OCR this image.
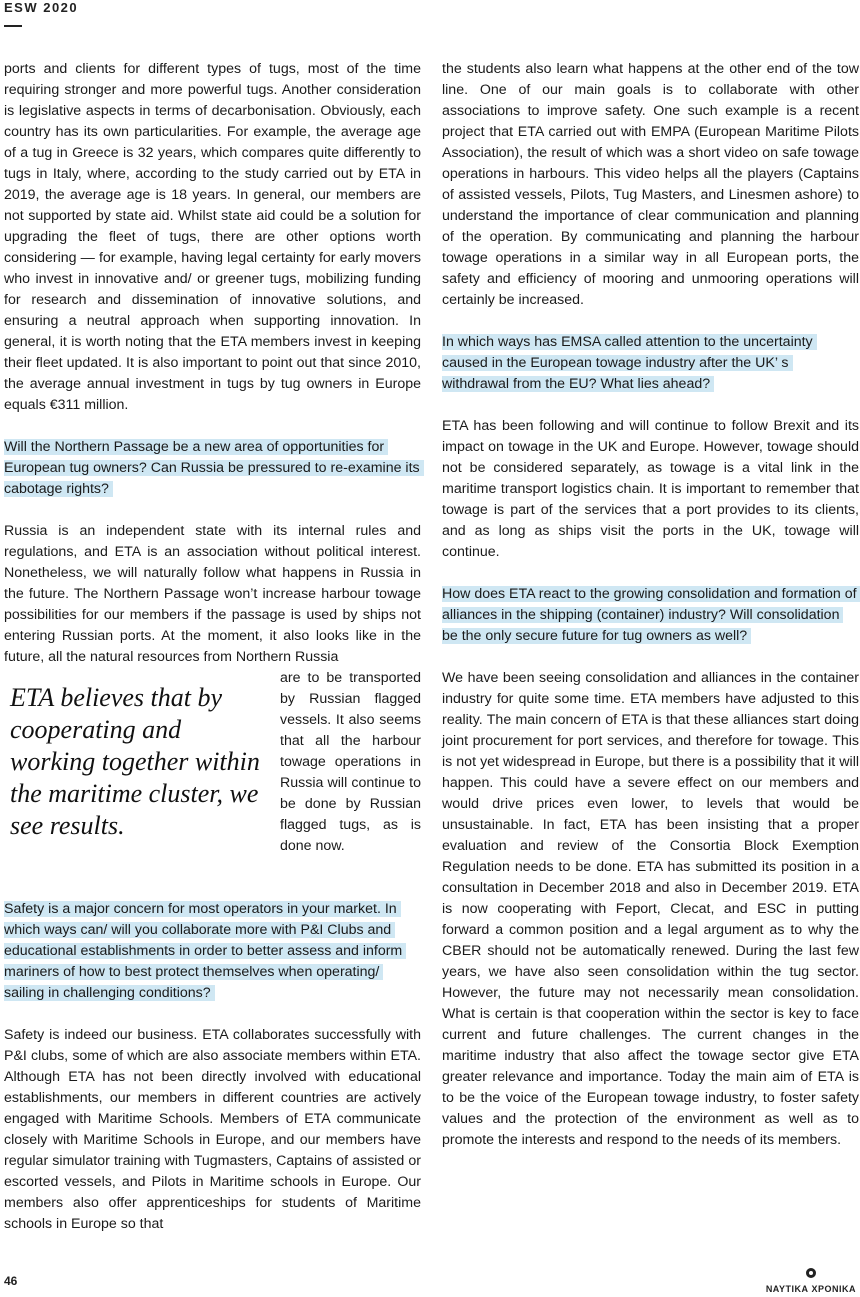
ESW 2020

ports and clients for different types of tugs, most of the time requiring stronger and more powerful tugs. Another consideration is legislative aspects in terms of decarbonisation. Obviously, each country has its own particularities. For example, the average age of a tug in Greece is 32 years, which compares quite differently to tugs in Italy, where, according to the study carried out by ETA in 2019, the average age is 18 years. In general, our members are not supported by state aid. Whilst state aid could be a solution for upgrading the fleet of tugs, there are other options worth considering — for example, having legal certainty for early movers who invest in innovative and/ or greener tugs, mobilizing funding for research and dissemination of innovative solutions, and ensuring a neutral approach when supporting innovation. In general, it is worth noting that the ETA members invest in keeping their fleet updated. It is also important to point out that since 2010, the average annual investment in tugs by tug owners in Europe equals €311 million.

Will the Northern Passage be a new area of opportunities for European tug owners? Can Russia be pressured to re-examine its cabotage rights?

Russia is an independent state with its internal rules and regulations, and ETA is an association without political interest. Nonetheless, we will naturally follow what happens in Russia in the future. The Northern Passage won’t increase harbour towage possibilities for our members if the passage is used by ships not entering Russian ports. At the moment, it also looks like in the future, all the natural resources from Northern Russia

ETA believes that by cooperating and working together within the maritime cluster, we see results.

are to be transported by Russian flagged vessels. It also seems that all the harbour towage operations in Russia will continue to be done by Russian flagged tugs, as is done now.

Safety is a major concern for most operators in your market. In which ways can/ will you collaborate more with P&I Clubs and educational establishments in order to better assess and inform mariners of how to best protect themselves when operating/ sailing in challenging conditions?

Safety is indeed our business. ETA collaborates successfully with P&I clubs, some of which are also associate members within ETA. Although ETA has not been directly involved with educational establishments, our members in different countries are actively engaged with Maritime Schools. Members of ETA communicate closely with Maritime Schools in Europe, and our members have regular simulator training with Tugmasters, Captains of assisted or escorted vessels, and Pilots in Maritime schools in Europe. Our members also offer apprenticeships for students of Maritime schools in Europe so that

the students also learn what happens at the other end of the tow line. One of our main goals is to collaborate with other associations to improve safety. One such example is a recent project that ETA carried out with EMPA (European Maritime Pilots Association), the result of which was a short video on safe towage operations in harbours. This video helps all the players (Captains of assisted vessels, Pilots, Tug Masters, and Linesmen ashore) to understand the importance of clear communication and planning of the operation. By communicating and planning the harbour towage operations in a similar way in all European ports, the safety and efficiency of mooring and unmooring operations will certainly be increased.

In which ways has EMSA called attention to the uncertainty caused in the European towage industry after the UK’ s withdrawal from the EU? What lies ahead?

ETA has been following and will continue to follow Brexit and its impact on towage in the UK and Europe. However, towage should not be considered separately, as towage is a vital link in the maritime transport logistics chain. It is important to remember that towage is part of the services that a port provides to its clients, and as long as ships visit the ports in the UK, towage will continue.

How does ETA react to the growing consolidation and formation of alliances in the shipping (container) industry? Will consolidation be the only secure future for tug owners as well?

We have been seeing consolidation and alliances in the container industry for quite some time. ETA members have adjusted to this reality. The main concern of ETA is that these alliances start doing joint procurement for port services, and therefore for towage. This is not yet widespread in Europe, but there is a possibility that it will happen. This could have a severe effect on our members and would drive prices even lower, to levels that would be unsustainable. In fact, ETA has been insisting that a proper evaluation and review of the Consortia Block Exemption Regulation needs to be done. ETA has submitted its position in a consultation in December 2018 and also in December 2019. ETA is now cooperating with Feport, Clecat, and ESC in putting forward a common position and a legal argument as to why the CBER should not be automatically renewed. During the last few years, we have also seen consolidation within the tug sector. However, the future may not necessarily mean consolidation. What is certain is that cooperation within the sector is key to face current and future challenges. The current changes in the maritime industry that also affect the towage sector give ETA greater relevance and importance. Today the main aim of ETA is to be the voice of the European towage industry, to foster safety values and the protection of the environment as well as to promote the interests and respond to the needs of its members.

46
ΝΑΥΤΙΚΑ ΧΡΟΝΙΚΑ
